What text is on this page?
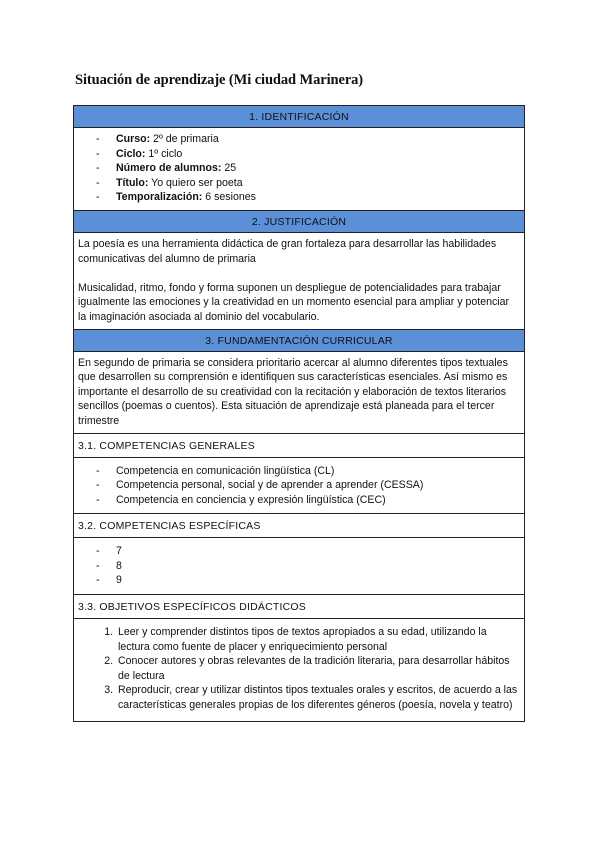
Situación de aprendizaje (Mi ciudad Marinera)
1. IDENTIFICACIÓN
- Curso: 2º de primaria
- Ciclo: 1º ciclo
- Número de alumnos: 25
- Título: Yo quiero ser poeta
- Temporalización: 6 sesiones
2. JUSTIFICACIÓN

La poesía es una herramienta didáctica de gran fortaleza para desarrollar las habilidades comunicativas del alumno de primaria

Musicalidad, ritmo, fondo y forma suponen un despliegue de potencialidades para trabajar igualmente las emociones y la creatividad en un momento esencial para ampliar y potenciar la imaginación asociada al dominio del vocabulario.

3. FUNDAMENTACIÓN CURRICULAR

En segundo de primaria se considera prioritario acercar al alumno diferentes tipos textuales que desarrollen su comprensión e identifiquen sus características esenciales. Así mismo es importante el desarrollo de su creatividad con la recitación y elaboración de textos literarios sencillos (poemas o cuentos). Esta situación de aprendizaje está planeada para el tercer trimestre

3.1. COMPETENCIAS GENERALES
- Competencia en comunicación lingüística (CL)
- Competencia personal, social y de aprender a aprender (CESSA)
- Competencia en conciencia y expresión lingüística (CEC)
3.2. COMPETENCIAS ESPECÍFICAS
- 7
- 8
- 9
3.3. OBJETIVOS ESPECÍFICOS DIDÁCTICOS
1. Leer y comprender distintos tipos de textos apropiados a su edad, utilizando la lectura como fuente de placer y enriquecimiento personal
2. Conocer autores y obras relevantes de la tradición literaria, para desarrollar hábitos de lectura
3. Reproducir, crear y utilizar distintos tipos textuales orales y escritos, de acuerdo a las características generales propias de los diferentes géneros (poesía, novela y teatro)
